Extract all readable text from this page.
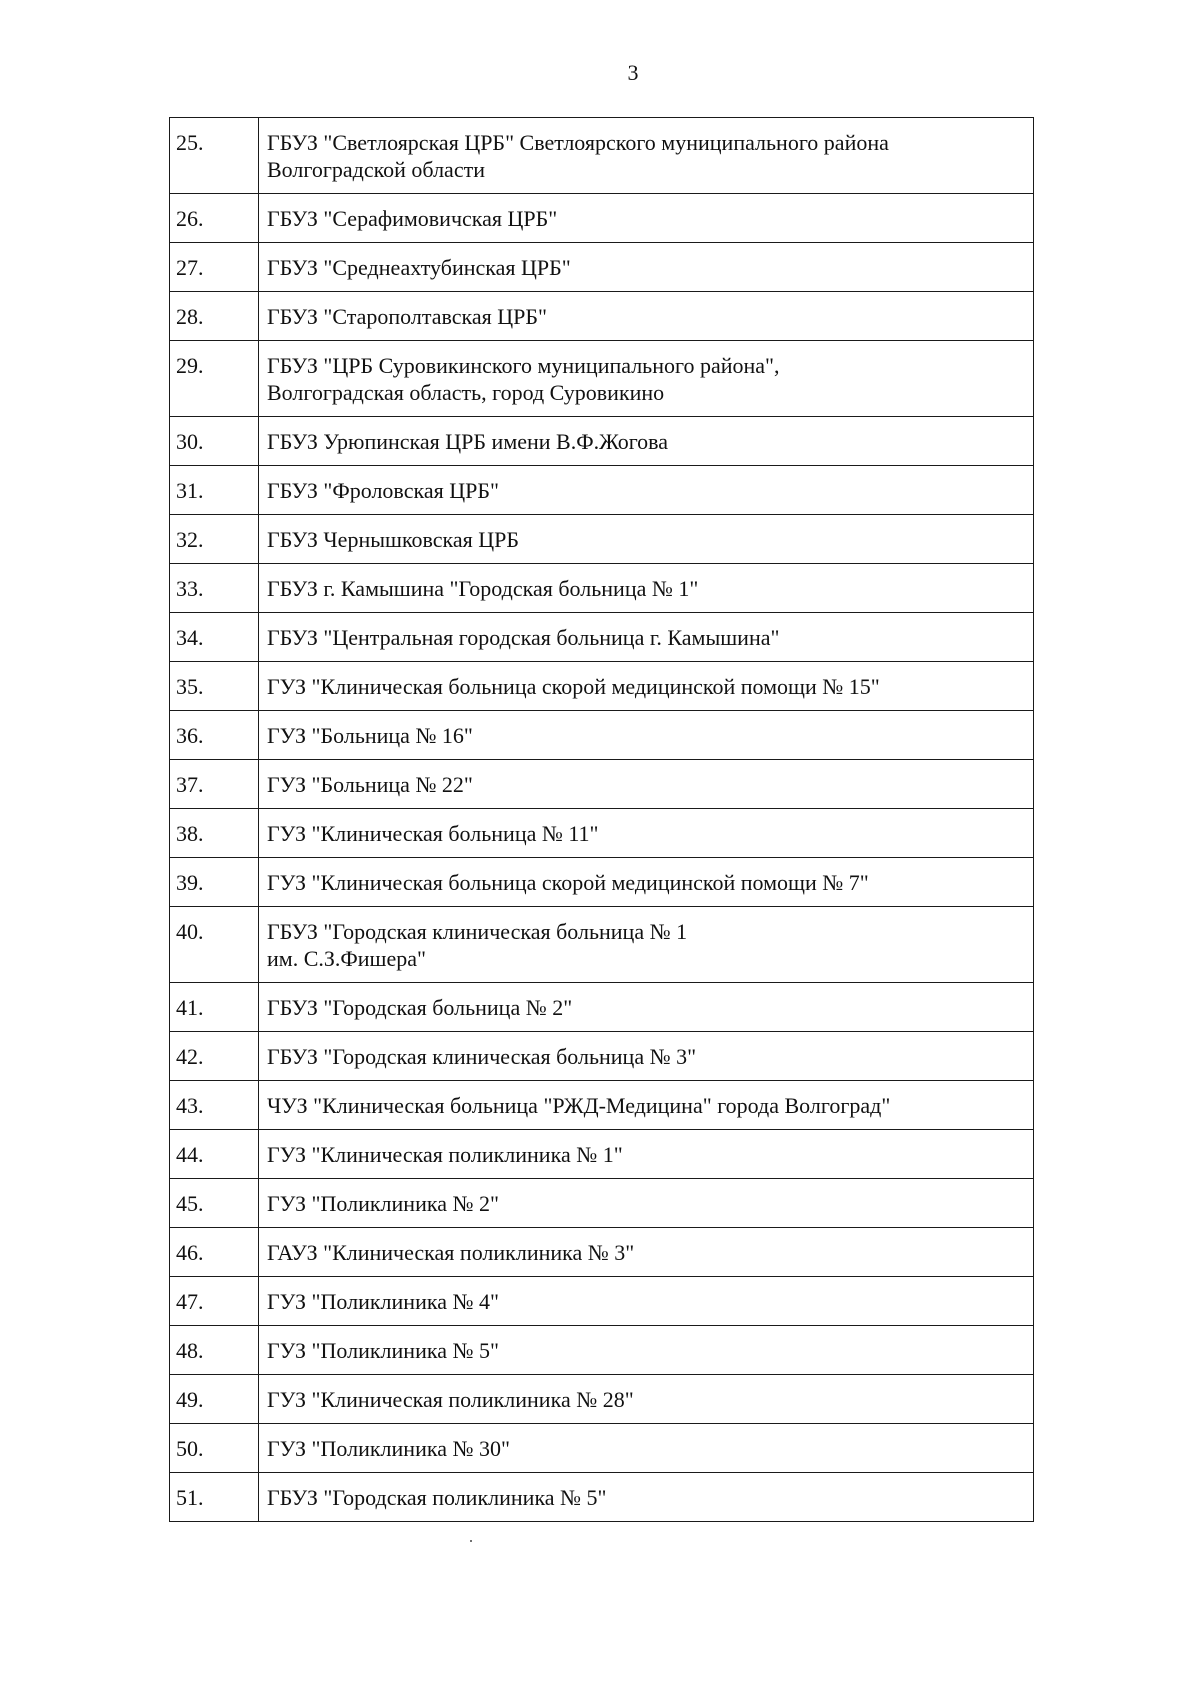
3
25.	ГБУЗ "Светлоярская ЦРБ" Светлоярского муниципального района
Волгоградской области

26.	ГБУЗ "Серафимовичская ЦРБ"

27.	ГБУЗ "Среднеахтубинская ЦРБ"

28.	ГБУЗ "Старополтавская ЦРБ"

29.	ГБУЗ "ЦРБ Суровикинского муниципального района",
Волгоградская область, город Суровикино

30.	ГБУЗ Урюпинская ЦРБ имени В.Ф.Жогова

31.	ГБУЗ "Фроловская ЦРБ"

32.	ГБУЗ Чернышковская ЦРБ

33.	ГБУЗ г. Камышина "Городская больница № 1"

34.	ГБУЗ "Центральная городская больница г. Камышина"

35.	ГУЗ "Клиническая больница скорой медицинской помощи № 15"

36.	ГУЗ "Больница № 16"

37.	ГУЗ "Больница № 22"

38.	ГУЗ "Клиническая больница № 11"

39.	ГУЗ "Клиническая больница скорой медицинской помощи № 7"

40.	ГБУЗ "Городская клиническая больница № 1
им. С.З.Фишера"

41.	ГБУЗ "Городская больница № 2"

42.	ГБУЗ "Городская клиническая больница № 3"

43.	ЧУЗ "Клиническая больница "РЖД-Медицина" города Волгоград"

44.	ГУЗ "Клиническая поликлиника № 1"

45.	ГУЗ "Поликлиника № 2"

46.	ГАУЗ "Клиническая поликлиника № 3"

47.	ГУЗ "Поликлиника № 4"

48.	ГУЗ "Поликлиника № 5"

49.	ГУЗ "Клиническая поликлиника № 28"

50.	ГУЗ "Поликлиника № 30"

51.	ГБУЗ "Городская поликлиника № 5"
